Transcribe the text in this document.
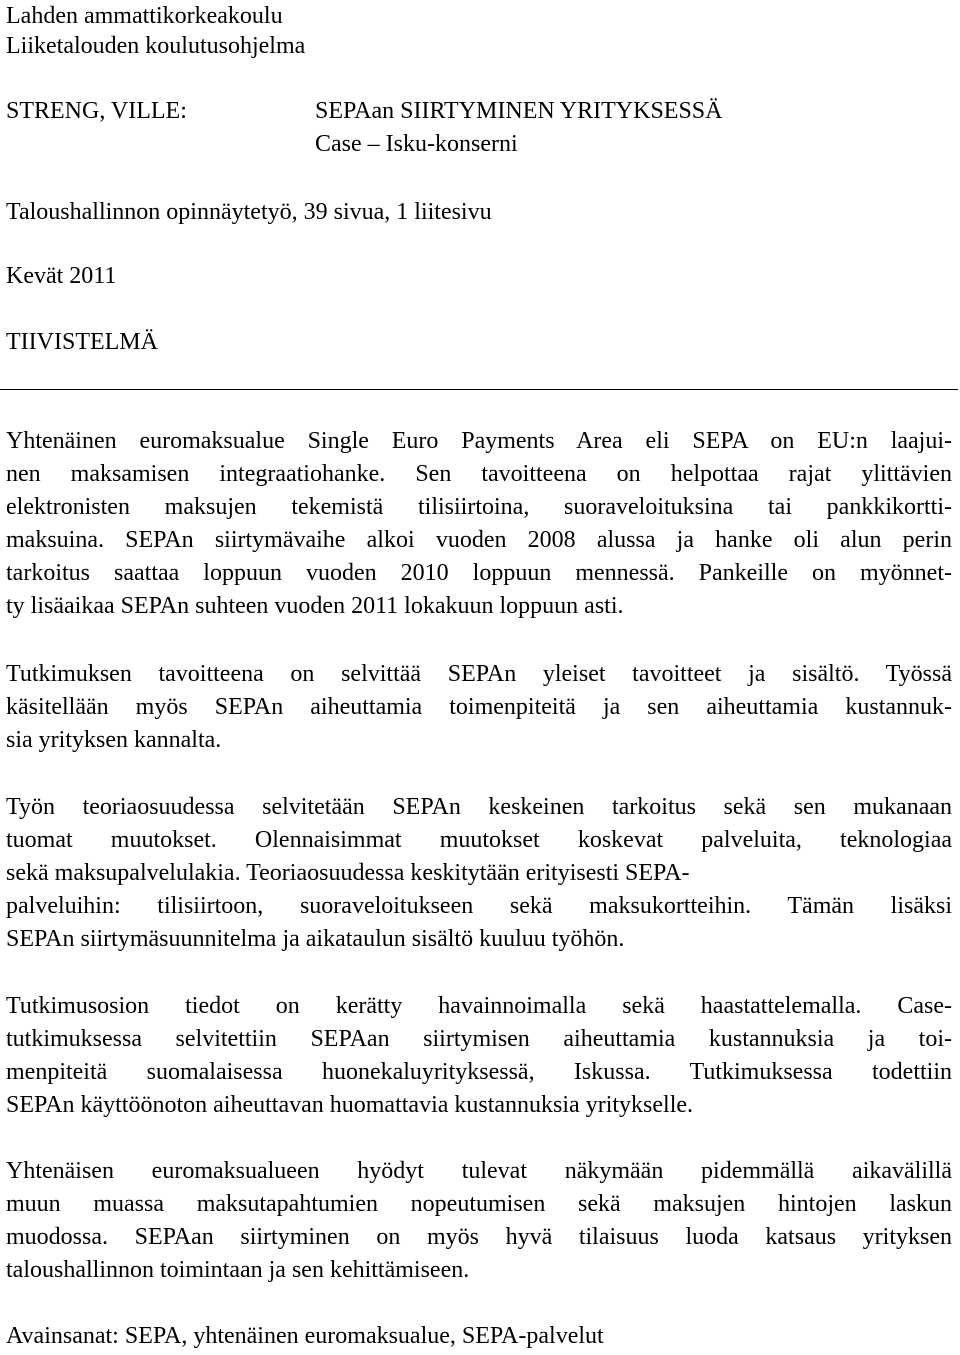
Lahden ammattikorkeakoulu
Liiketalouden koulutusohjelma
STRENG, VILLE:	SEPAan SIIRTYMINEN YRITYKSESSÄ
Case – Isku-konserni
Taloushallinnon opinnäytetyö, 39 sivua, 1 liitesivu
Kevät 2011
TIIVISTELMÄ
Yhtenäinen euromaksualue Single Euro Payments Area eli SEPA on EU:n laajui-
nen maksamisen integraatiohanke. Sen tavoitteena on helpottaa rajat ylittävien
elektronisten maksujen tekemistä tilisiirtoina, suoraveloituksina tai pankkikortti-
maksuina. SEPAn siirtymävaihe alkoi vuoden 2008 alussa ja hanke oli alun perin
tarkoitus saattaa loppuun vuoden 2010 loppuun mennessä. Pankeille on myönnet-
ty lisäaikaa SEPAn suhteen vuoden 2011 lokakuun loppuun asti.
Tutkimuksen tavoitteena on selvittää SEPAn yleiset tavoitteet ja sisältö. Työssä
käsitellään myös SEPAn aiheuttamia toimenpiteitä ja sen aiheuttamia kustannuk-
sia yrityksen kannalta.
Työn teoriaosuudessa selvitetään SEPAn keskeinen tarkoitus sekä sen mukanaan
tuomat muutokset. Olennaisimmat muutokset koskevat palveluita, teknologiaa
sekä maksupalvelulakia. Teoriaosuudessa keskitytään erityisesti SEPA-
palveluihin: tilisiirtoon, suoraveloitukseen sekä maksukortteihin. Tämän lisäksi
SEPAn siirtymäsuunnitelma ja aikataulun sisältö kuuluu työhön.
Tutkimusosion tiedot on kerätty havainnoimalla sekä haastattelemalla. Case-
tutkimuksessa selvitettiin SEPAan siirtymisen aiheuttamia kustannuksia ja toi-
menpiteitä suomalaisessa huonekaluyrityksessä, Iskussa. Tutkimuksessa todettiin
SEPAn käyttöönoton aiheuttavan huomattavia kustannuksia yritykselle.
Yhtenäisen euromaksualueen hyödyt tulevat näkymään pidemmällä aikavälillä
muun muassa maksutapahtumien nopeutumisen sekä maksujen hintojen laskun
muodossa. SEPAan siirtyminen on myös hyvä tilaisuus luoda katsaus yrityksen
taloushallinnon toimintaan ja sen kehittämiseen.
Avainsanat: SEPA, yhtenäinen euromaksualue, SEPA-palvelut
